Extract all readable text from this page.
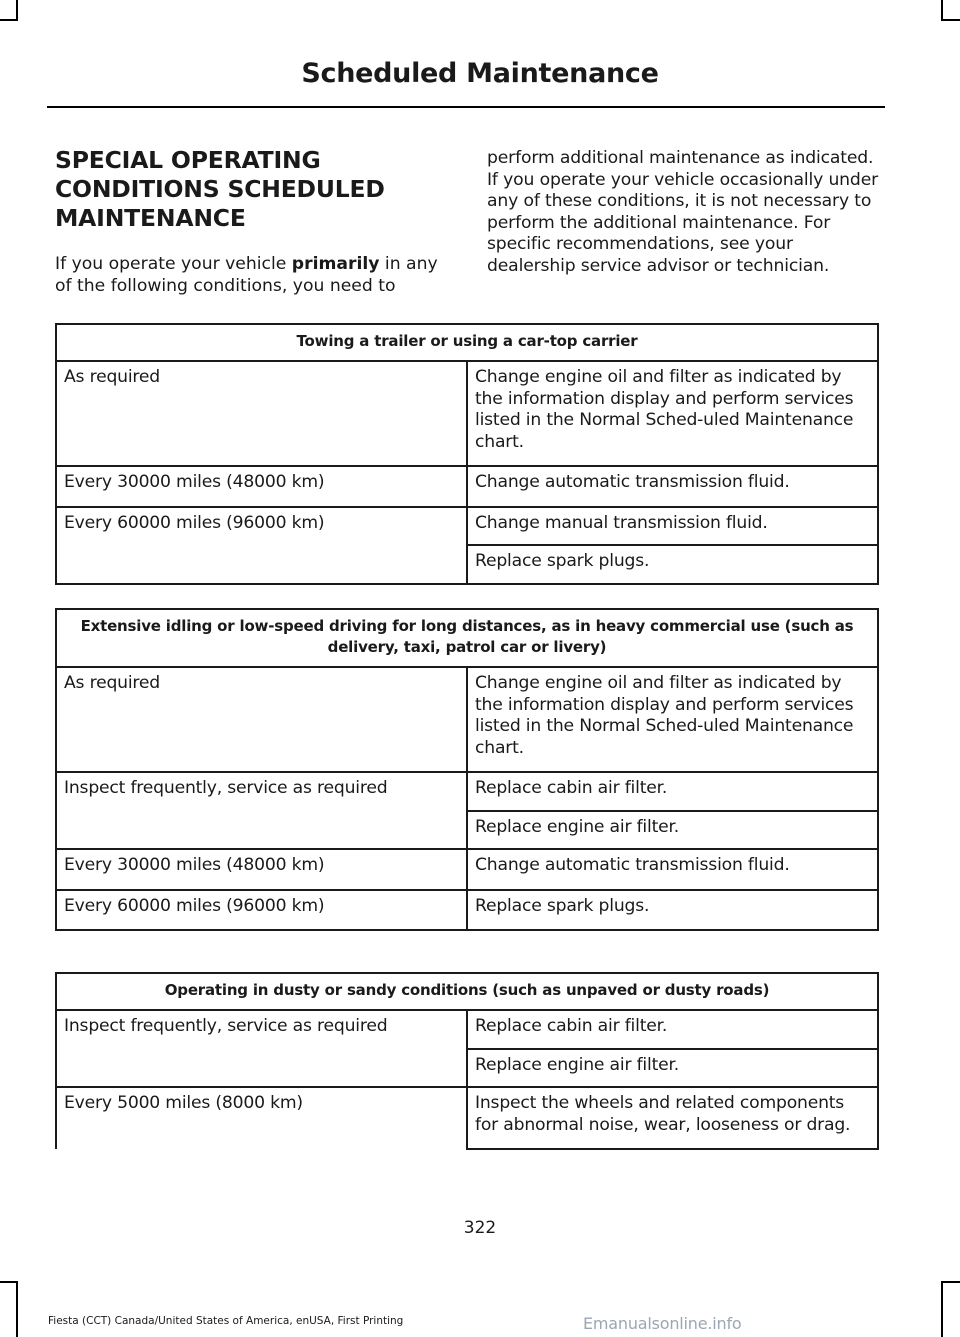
Scheduled Maintenance
SPECIAL OPERATING CONDITIONS SCHEDULED MAINTENANCE
If you operate your vehicle primarily in any of the following conditions, you need to
perform additional maintenance as indicated. If you operate your vehicle occasionally under any of these conditions, it is not necessary to perform the additional maintenance. For specific recommendations, see your dealership service advisor or technician.
Towing a trailer or using a car-top carrier	
As required	Change engine oil and filter as indicated by the information display and perform services listed in the Normal Sched-uled Maintenance chart.
Every 30000 miles (48000 km)	Change automatic transmission fluid.
Every 60000 miles (96000 km)	Change manual transmission fluid.
	Replace spark plugs.
Extensive idling or low-speed driving for long distances, as in heavy commercial use (such as delivery, taxi, patrol car or livery)	
As required	Change engine oil and filter as indicated by the information display and perform services listed in the Normal Sched-uled Maintenance chart.
Inspect frequently, service as required	Replace cabin air filter.
	Replace engine air filter.
Every 30000 miles (48000 km)	Change automatic transmission fluid.
Every 60000 miles (96000 km)	Replace spark plugs.
Operating in dusty or sandy conditions (such as unpaved or dusty roads)	
Inspect frequently, service as required	Replace cabin air filter.
	Replace engine air filter.
Every 5000 miles (8000 km)	Inspect the wheels and related components for abnormal noise, wear, looseness or drag.
322
Fiesta (CCT) Canada/United States of America, enUSA, First Printing	Emanualsonline.info
